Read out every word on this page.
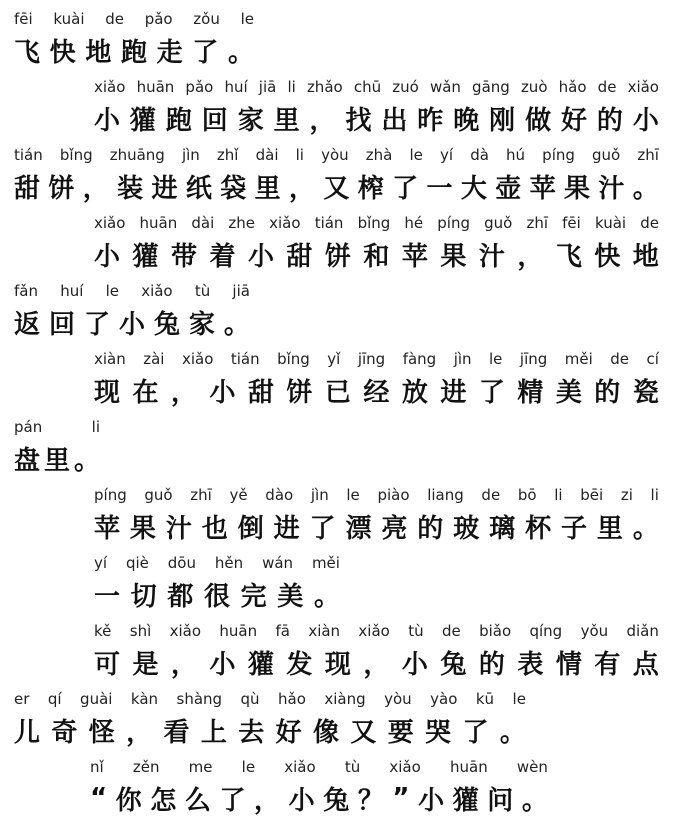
fēi kuài de pǎo zǒu le
飞 快 地 跑 走 了 。
xiǎo huān pǎo huí jiā li zhǎo chū zuó wǎn gāng zuò hǎo de xiǎo
小 獾 跑 回 家 里 ， 找 出 昨 晚 刚 做 好 的 小
tián bǐng zhuāng jìn zhǐ dài li yòu zhà le yí dà hú píng guǒ zhī
甜 饼 ， 装 进 纸 袋 里 ， 又 榨 了 一 大 壶 苹 果 汁 。
xiǎo huān dài zhe xiǎo tián bǐng hé píng guǒ zhī fēi kuài de
小 獾 带 着 小 甜 饼 和 苹 果 汁 ， 飞 快 地
fǎn huí le xiǎo tù jiā
返 回 了 小 兔 家 。
xiàn zài xiǎo tián bǐng yǐ jīng fàng jìn le jīng měi de cí
现 在 ， 小 甜 饼 已 经 放 进 了 精 美 的 瓷
pán	li
盘 里 。
píng guǒ zhī yě dào jìn le piào liang de bō li bēi zi li
苹 果 汁 也 倒 进 了 漂 亮 的 玻 璃 杯 子 里 。
yí qiè dōu hěn wán měi
一 切 都 很 完 美 。
kě shì xiǎo huān fā xiàn xiǎo tù de biǎo qíng yǒu diǎn
可 是 ， 小 獾 发 现 ， 小 兔 的 表 情 有 点
er qí guài kàn shàng qù hǎo xiàng yòu yào kū le
儿 奇 怪 ， 看 上 去 好 像 又 要 哭 了 。
nǐ zěn me le xiǎo tù xiǎo huān wèn
“ 你 怎 么 了 ， 小 兔 ？ ” 小 獾 问 。
